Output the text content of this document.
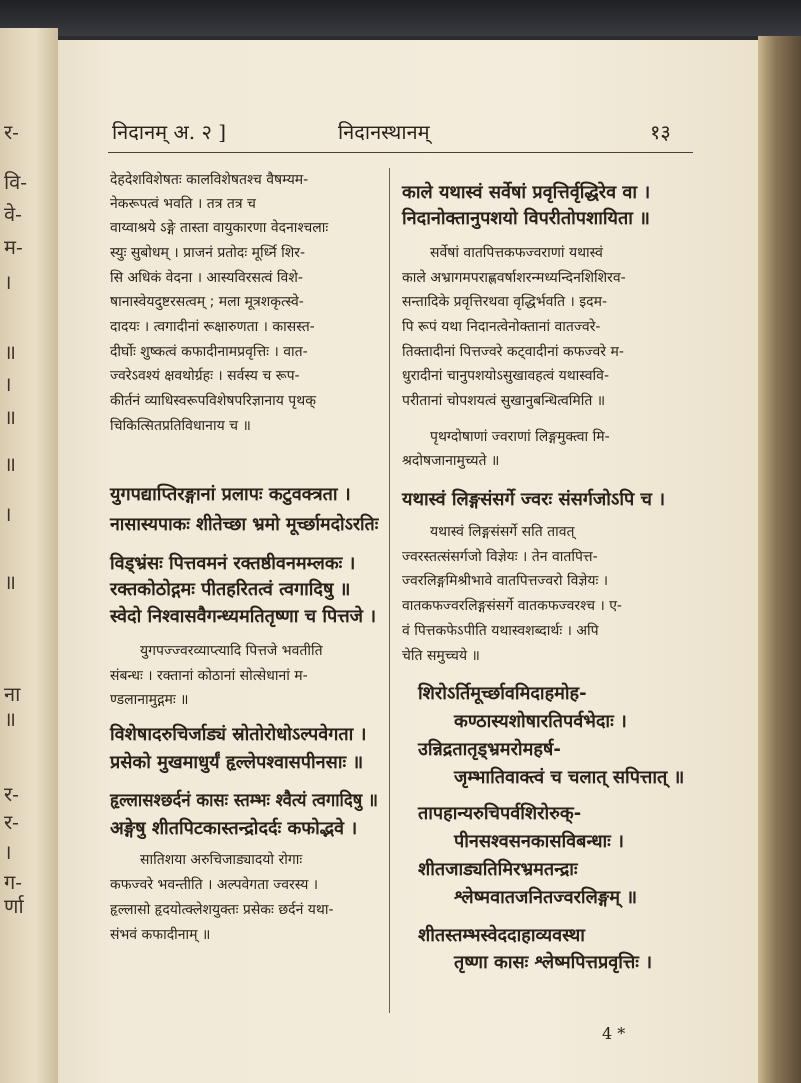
र-
वि-
वे-
म-
।
॥
।
॥
॥
।
॥
ना
॥
र-
र-
।
ग-
र्णा
निदानम् अ. २ ]	निदानस्थानम्	१३
देहदेशविशेषतः कालविशेषतश्च वैषम्यम-
नेकरूपत्वं भवति । तत्र तत्र च
वाय्वाश्रये ऽङ्गे तास्ता वायुकारणा वेदनाश्चलाः
स्युः सुबोधम् । प्राजनं प्रतोदः मूर्ध्नि शिर-
सि अधिकं वेदना । आस्यविरसत्वं विशे-
षानास्वेयदुष्टरसत्वम् ; मला मूत्रशकृत्स्वे-
दादयः । त्वगादीनां रूक्षारुणता । कासस्त-
दीर्घोः शुष्कत्वं कफादीनामप्रवृत्तिः । वात-
ज्वरेऽवश्यं क्षवथोर्ग्रहः । सर्वस्य च रूप-
कीर्तनं व्याधिस्वरूपविशेषपरिज्ञानाय पृथक्
चिकित्सितप्रतिविधानाय च ॥
युगपद्याप्तिरङ्गानां प्रलापः कटुवक्त्रता ।
नासास्यपाकः शीतेच्छा भ्रमो मूर्च्छामदोऽरतिः
विड्भ्रंसः पित्तवमनं रक्तष्ठीवनमम्लकः ।
रक्तकोठोद्गमः पीतहरितत्वं त्वगादिषु ॥
स्वेदो निश्वासवैगन्ध्यमतितृष्णा च पित्तजे ।
युगपज्ज्वरव्याप्त्यादि पित्तजे भवतीति
संबन्धः । रक्तानां कोठानां सोत्सेधानां म-
ण्डलानामुद्गमः ॥
विशेषादरुचिर्जाड्यं स्रोतोरोधोऽल्पवेगता ।
प्रसेको मुखमाधुर्यं हृल्लेपश्वासपीनसाः ॥
हृल्लासश्छर्दनं कासः स्तम्भः श्वैत्यं त्वगादिषु ॥
अङ्गेषु शीतपिटकास्तन्द्रोदर्दः कफोद्भवे ।
सातिशया अरुचिजाड्यादयो रोगाः
कफज्वरे भवन्तीति । अल्पवेगता ज्वरस्य ।
हृल्लासो हृदयोत्क्लेशयुक्तः प्रसेकः छर्दनं यथा-
संभवं कफादीनाम् ॥
काले यथास्वं सर्वेषां प्रवृत्तिर्वृद्धिरेव वा ।
निदानोक्तानुपशयो विपरीतोपशायिता ॥
सर्वेषां वातपित्तकफज्वराणां यथास्वं
काले अभ्रागमपराह्णवर्षाशरन्मध्यन्दिनशिशिरव-
सन्तादिके प्रवृत्तिरथवा वृद्धिर्भवति । इदम-
पि रूपं यथा निदानत्वेनोक्तानां वातज्वरे-
तिक्तादीनां पित्तज्वरे कट्वादीनां कफज्वरे म-
धुरादीनां चानुपशयोऽसुखावहत्वं यथास्ववि-
परीतानां चोपशयत्वं सुखानुबन्धित्वमिति ॥
पृथग्दोषाणां ज्वराणां लिङ्गमुक्त्वा मि-
श्रदोषजानामुच्यते ॥
यथास्वं लिङ्गसंसर्गे ज्वरः संसर्गजोऽपि च ।
यथास्वं लिङ्गसंसर्गे सति तावत्
ज्वरस्तत्संसर्गजो विज्ञेयः । तेन वातपित्त-
ज्वरलिङ्गमिश्रीभावे वातपित्तज्वरो विज्ञेयः ।
वातकफज्वरलिङ्गसंसर्गे वातकफज्वरश्च । ए-
वं पित्तकफेऽपीति यथास्वशब्दार्थः । अपि
चेति समुच्चये ॥
शिरोऽर्तिमूर्च्छावमिदाहमोह-
कण्ठास्यशोषारतिपर्वभेदाः ।
उन्निद्रतातृड्भ्रमरोमहर्ष-
जृम्भातिवाक्त्वं च चलात् सपित्तात् ॥
तापहान्यरुचिपर्वशिरोरुक्-
पीनसश्वसनकासविबन्धाः ।
शीतजाड्यतिमिरभ्रमतन्द्राः
श्लेष्मवातजनितज्वरलिङ्गम् ॥
शीतस्तम्भस्वेददाहाव्यवस्था
तृष्णा कासः श्लेष्मपित्तप्रवृत्तिः ।
4 *
